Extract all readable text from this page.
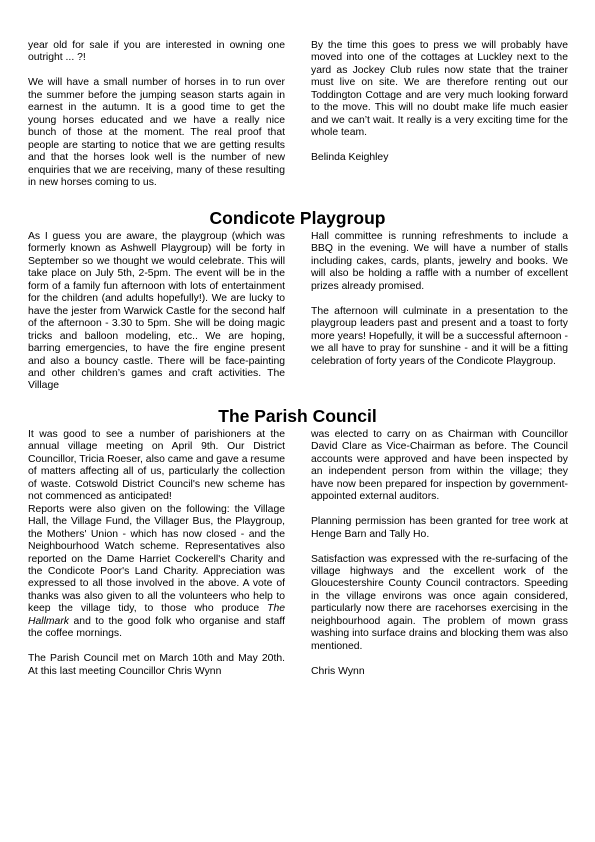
year old for sale if you are interested in owning one outright ... ?!

We will have a small number of horses in to run over the summer before the jumping season starts again in earnest in the autumn. It is a good time to get the young horses educated and we have a really nice bunch of those at the moment. The real proof that people are starting to notice that we are getting results and that the horses look well is the number of new enquiries that we are receiving, many of these resulting in new horses coming to us.

By the time this goes to press we will probably have moved into one of the cottages at Luckley next to the yard as Jockey Club rules now state that the trainer must live on site. We are therefore renting out our Toddington Cottage and are very much looking forward to the move. This will no doubt make life much easier and we can’t wait. It really is a very exciting time for the whole team.

Belinda Keighley

Condicote Playgroup

As I guess you are aware, the playgroup (which was formerly known as Ashwell Playgroup) will be forty in September so we thought we would celebrate. This will take place on July 5th, 2-5pm. The event will be in the form of a family fun afternoon with lots of entertainment for the children (and adults hopefully!). We are lucky to have the jester from Warwick Castle for the second half of the afternoon - 3.30 to 5pm. She will be doing magic tricks and balloon modeling, etc.. We are hoping, barring emergencies, to have the fire engine present and also a bouncy castle. There will be face-painting and other children’s games and craft activities. The Village

Hall committee is running refreshments to include a BBQ in the evening. We will have a number of stalls including cakes, cards, plants, jewelry and books. We will also be holding a raffle with a number of excellent prizes already promised.

The afternoon will culminate in a presentation to the playgroup leaders past and present and a toast to forty more years! Hopefully, it will be a successful afternoon - we all have to pray for sunshine - and it will be a fitting celebration of forty years of the Condicote Playgroup.

The Parish Council

It was good to see a number of parishioners at the annual village meeting on April 9th. Our District Councillor, Tricia Roeser, also came and gave a resume of matters affecting all of us, particularly the collection of waste. Cotswold District Council's new scheme has not commenced as anticipated!

Reports were also given on the following: the Village Hall, the Village Fund, the Villager Bus, the Playgroup, the Mothers' Union - which has now closed - and the Neighbourhood Watch scheme. Representatives also reported on the Dame Harriet Cockerell's Charity and the Condicote Poor's Land Charity. Appreciation was expressed to all those involved in the above. A vote of thanks was also given to all the volunteers who help to keep the village tidy, to those who produce The Hallmark and to the good folk who organise and staff the coffee mornings.

The Parish Council met on March 10th and May 20th. At this last meeting Councillor Chris Wynn

was elected to carry on as Chairman with Councillor David Clare as Vice-Chairman as before. The Council accounts were approved and have been inspected by an independent person from within the village; they have now been prepared for inspection by government-appointed external auditors.

Planning permission has been granted for tree work at Henge Barn and Tally Ho.

Satisfaction was expressed with the re-surfacing of the village highways and the excellent work of the Gloucestershire County Council contractors. Speeding in the village environs was once again considered, particularly now there are racehorses exercising in the neighbourhood again. The problem of mown grass washing into surface drains and blocking them was also mentioned.

Chris Wynn
